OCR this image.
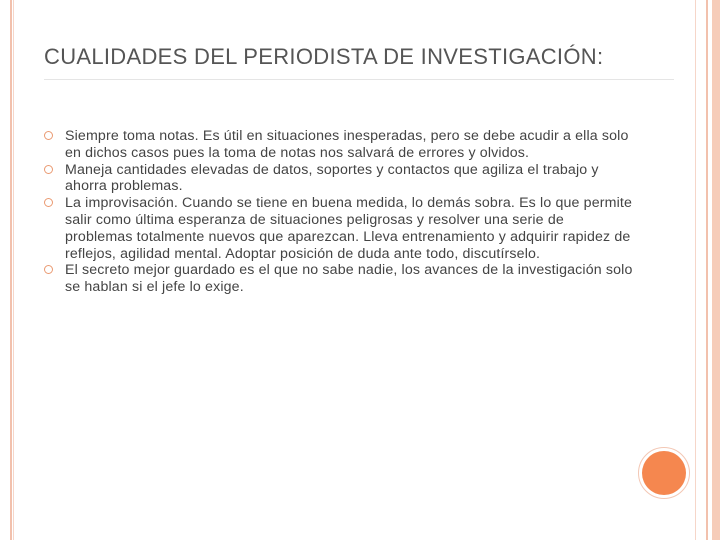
CUALIDADES DEL PERIODISTA DE INVESTIGACIÓN:
Siempre toma notas. Es útil en situaciones inesperadas, pero se debe acudir a ella solo en dichos casos pues la toma de notas nos salvará de errores y olvidos.
Maneja cantidades elevadas de datos, soportes y contactos que agiliza el trabajo y ahorra problemas.
La improvisación. Cuando se tiene en buena medida, lo demás sobra. Es lo que permite salir como última esperanza de situaciones peligrosas y resolver una serie de problemas totalmente nuevos que aparezcan. Lleva entrenamiento y adquirir rapidez de reflejos, agilidad mental. Adoptar posición de duda ante todo, discutírselo.
El secreto mejor guardado es el que no sabe nadie, los avances de la investigación solo se hablan si el jefe lo exige.
